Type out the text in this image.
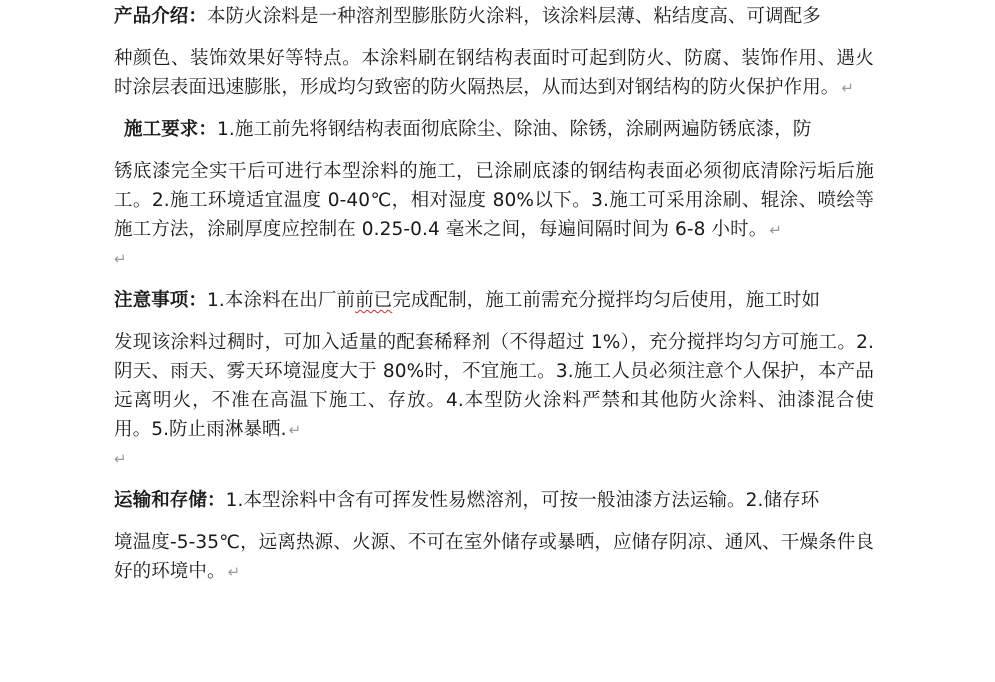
产品介绍：本防火涂料是一种溶剂型膨胀防火涂料，该涂料层薄、粘结度高、可调配多
种颜色、装饰效果好等特点。本涂料刷在钢结构表面时可起到防火、防腐、装饰作用、遇火时涂层表面迅速膨胀，形成均匀致密的防火隔热层，从而达到对钢结构的防火保护作用。 ↵

施工要求：1.施工前先将钢结构表面彻底除尘、除油、除锈，涂刷两遍防锈底漆，防
锈底漆完全实干后可进行本型涂料的施工，已涂刷底漆的钢结构表面必须彻底清除污垢后施工。2.施工环境适宜温度 0-40℃，相对湿度 80%以下。3.施工可采用涂刷、辊涂、喷绘等施工方法，涂刷厚度应控制在 0.25-0.4 毫米之间，每遍间隔时间为 6-8 小时。 ↵

↵

注意事项：1.本涂料在出厂前前已完成配制，施工前需充分搅拌均匀后使用，施工时如
发现该涂料过稠时，可加入适量的配套稀释剂（不得超过 1%），充分搅拌均匀方可施工。2.阴天、雨天、雾天环境湿度大于 80%时，不宜施工。3.施工人员必须注意个人保护，本产品远离明火，不准在高温下施工、存放。4.本型防火涂料严禁和其他防火涂料、油漆混合使用。5.防止雨淋暴晒. ↵

↵

运输和存储：1.本型涂料中含有可挥发性易燃溶剂，可按一般油漆方法运输。2.储存环
境温度-5-35℃，远离热源、火源、不可在室外储存或暴晒，应储存阴凉、通风、干燥条件良好的环境中。 ↵
